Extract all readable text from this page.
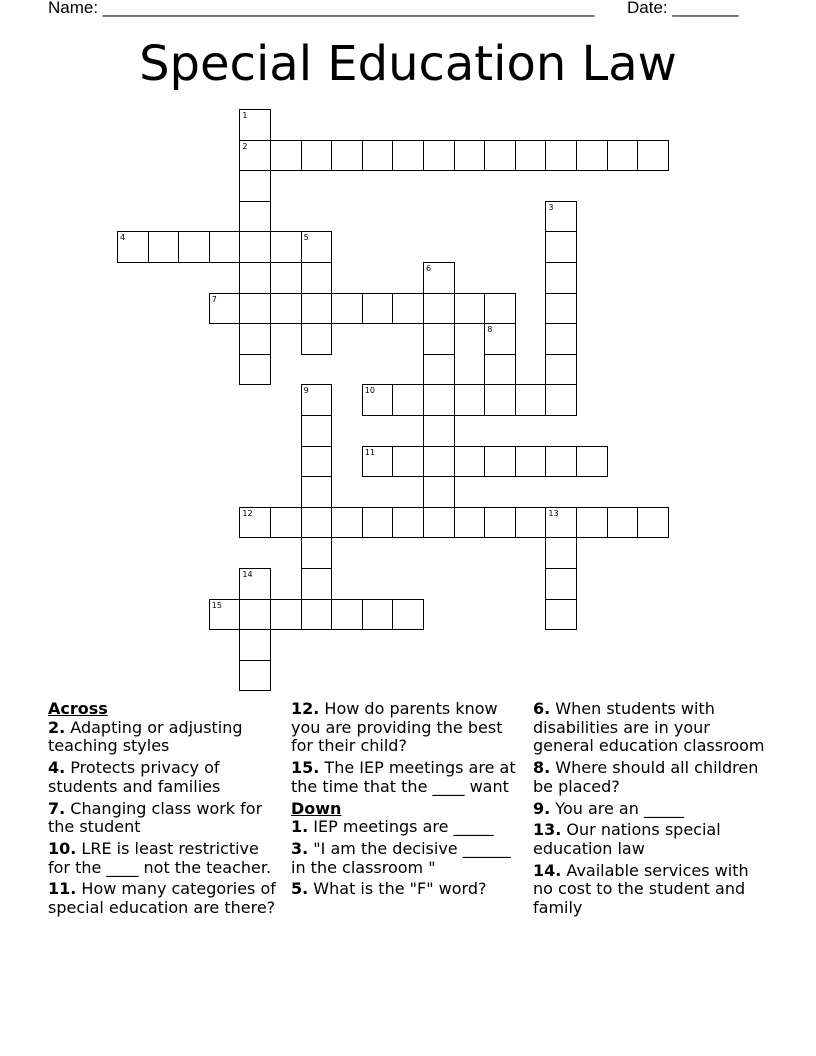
Name: ____________________________________________________ Date: _______
Special Education Law
1
2
3
4	5
6
7
8
9	10
11
12	13
14
15
Across
2. Adapting or adjusting teaching styles
4. Protects privacy of students and families
7. Changing class work for the student
10. LRE is least restrictive for the ____ not the teacher.
11. How many categories of special education are there?
12. How do parents know you are providing the best for their child?
15. The IEP meetings are at the time that the ____ want
Down
1. IEP meetings are _____
3. "I am the decisive ______ in the classroom "
5. What is the "F" word?
6. When students with disabilities are in your general education classroom
8. Where should all children be placed?
9. You are an _____
13. Our nations special education law
14. Available services with no cost to the student and family
